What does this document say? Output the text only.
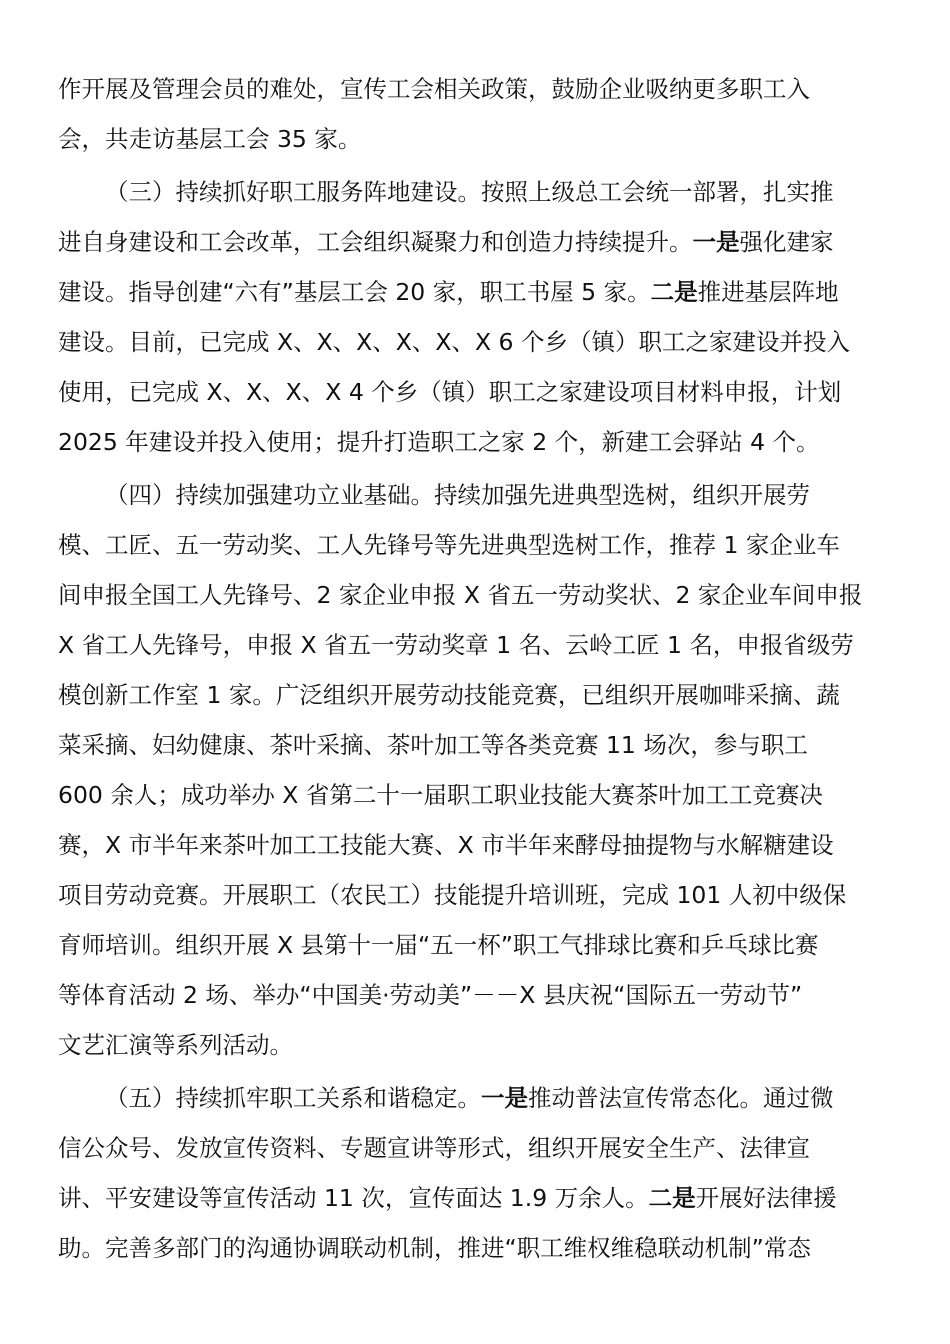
作开展及管理会员的难处，宣传工会相关政策，鼓励企业吸纳更多职工入
会，共走访基层工会 35 家。
（三）持续抓好职工服务阵地建设。按照上级总工会统一部署，扎实推
进自身建设和工会改革，工会组织凝聚力和创造力持续提升。一是强化建家
建设。指导创建“六有”基层工会 20 家，职工书屋 5 家。二是推进基层阵地
建设。目前，已完成 X、X、X、X、X、X 6 个乡（镇）职工之家建设并投入
使用，已完成 X、X、X、X 4 个乡（镇）职工之家建设项目材料申报，计划
2025 年建设并投入使用；提升打造职工之家 2 个，新建工会驿站 4 个。
（四）持续加强建功立业基础。持续加强先进典型选树，组织开展劳
模、工匠、五一劳动奖、工人先锋号等先进典型选树工作，推荐 1 家企业车
间申报全国工人先锋号、2 家企业申报 X 省五一劳动奖状、2 家企业车间申报
X 省工人先锋号，申报 X 省五一劳动奖章 1 名、云岭工匠 1 名，申报省级劳
模创新工作室 1 家。广泛组织开展劳动技能竞赛，已组织开展咖啡采摘、蔬
菜采摘、妇幼健康、茶叶采摘、茶叶加工等各类竞赛 11 场次，参与职工
600 余人；成功举办 X 省第二十一届职工职业技能大赛茶叶加工工竞赛决
赛，X 市半年来茶叶加工工技能大赛、X 市半年来酵母抽提物与水解糖建设
项目劳动竞赛。开展职工（农民工）技能提升培训班，完成 101 人初中级保
育师培训。组织开展 X 县第十一届“五一杯”职工气排球比赛和乒乓球比赛
等体育活动 2 场、举办“中国美·劳动美”－－X 县庆祝“国际五一劳动节”
文艺汇演等系列活动。
（五）持续抓牢职工关系和谐稳定。一是推动普法宣传常态化。通过微
信公众号、发放宣传资料、专题宣讲等形式，组织开展安全生产、法律宣
讲、平安建设等宣传活动 11 次，宣传面达 1.9 万余人。二是开展好法律援
助。完善多部门的沟通协调联动机制，推进“职工维权维稳联动机制”常态
